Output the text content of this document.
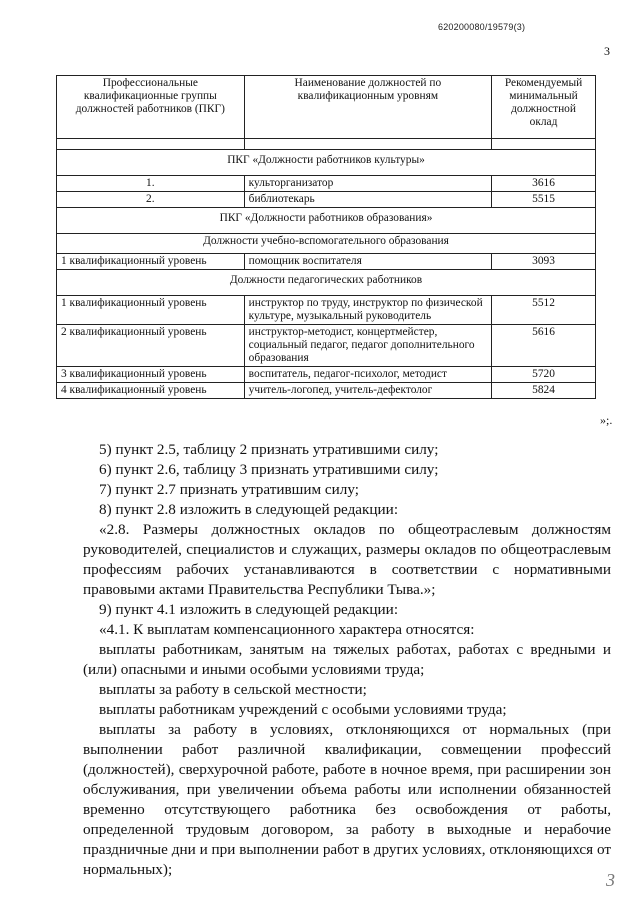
620200080/19579(3)
3
Профессиональные квалификационные группы должностей работников (ПКГ)	Наименование должностей по квалификационным уровням	Рекомендуемый минимальный должностной оклад

ПКГ «Должности работников культуры»		
1.	культорганизатор	3616
2.	библиотекарь	5515
ПКГ «Должности работников образования»		
Должности учебно-вспомогательного образования		
1 квалификационный уровень	помощник воспитателя	3093
Должности педагогических работников		
1 квалификационный уровень	инструктор по труду, инструктор по физической культуре, музыкальный руководитель	5512
2 квалификационный уровень	инструктор-методист, концертмейстер, социальный педагог, педагог дополнительного образования	5616
3 квалификационный уровень	воспитатель, педагог-психолог, методист	5720
4 квалификационный уровень	учитель-логопед, учитель-дефектолог	5824
»;.

5) пункт 2.5, таблицу 2 признать утратившими силу;

6) пункт 2.6, таблицу 3 признать утратившими силу;

7) пункт 2.7 признать утратившим силу;

8) пункт 2.8 изложить в следующей редакции:

«2.8. Размеры должностных окладов по общеотраслевым должностям руководителей, специалистов и служащих, размеры окладов по общеотраслевым профессиям рабочих устанавливаются в соответствии с нормативными правовыми актами Правительства Республики Тыва.»;

9) пункт 4.1 изложить в следующей редакции:

«4.1. К выплатам компенсационного характера относятся:

выплаты работникам, занятым на тяжелых работах, работах с вредными и (или) опасными и иными особыми условиями труда;

выплаты за работу в сельской местности;

выплаты работникам учреждений с особыми условиями труда;

выплаты за работу в условиях, отклоняющихся от нормальных (при выполнении работ различной квалификации, совмещении профессий (должностей), сверхурочной работе, работе в ночное время, при расширении зон обслуживания, при увеличении объема работы или исполнении обязанностей временно отсутствующего работника без освобождения от работы, определенной трудовым договором, за работу в выходные и нерабочие праздничные дни и при выполнении работ в других условиях, отклоняющихся от нормальных);

3
